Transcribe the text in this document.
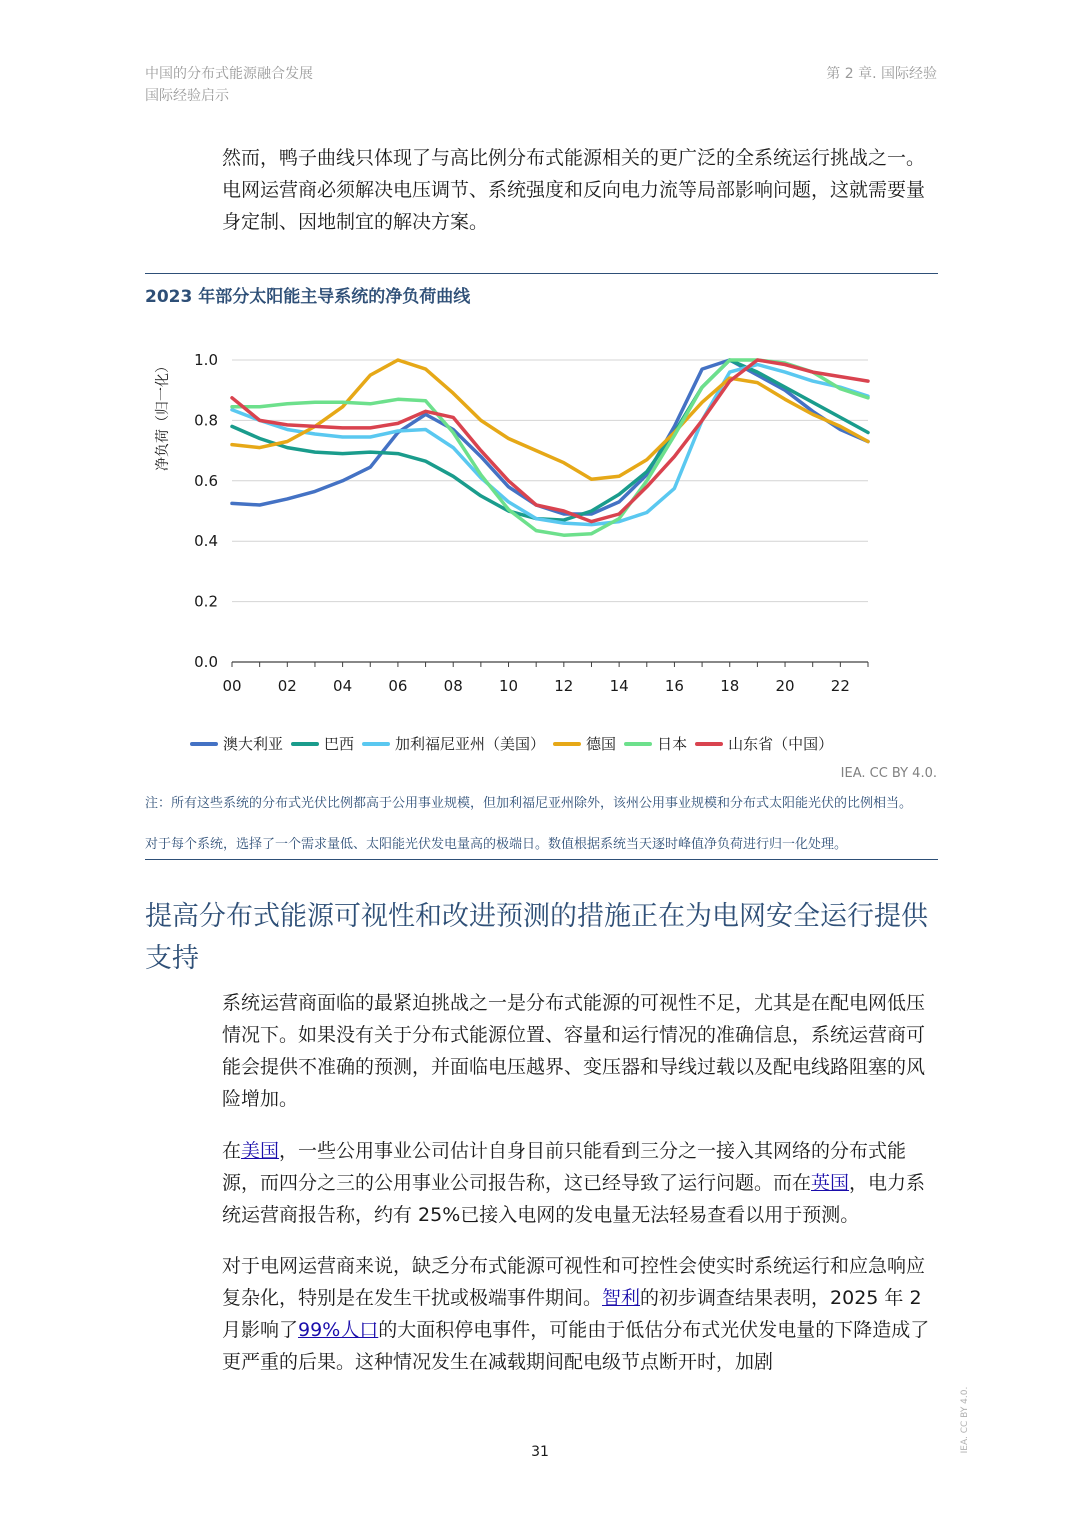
中国的分布式能源融合发展
国际经验启示
第 2 章. 国际经验

然而，鸭子曲线只体现了与高比例分布式能源相关的更广泛的全系统运行挑战之一。电网运营商必须解决电压调节、系统强度和反向电力流等局部影响问题，这就需要量身定制、因地制宜的解决方案。

2023 年部分太阳能主导系统的净负荷曲线
净负荷（归一化）
0.0
0.2
0.4
0.6
0.8
1.0
00 02 04 06 08 10 12 14 16 18 20 22
澳大利亚	巴西	加利福尼亚州（美国）	德国	日本	山东省（中国）
IEA. CC BY 4.0.
注：所有这些系统的分布式光伏比例都高于公用事业规模，但加利福尼亚州除外，该州公用事业规模和分布式太阳能光伏的比例相当。
对于每个系统，选择了一个需求量低、太阳能光伏发电量高的极端日。数值根据系统当天逐时峰值净负荷进行归一化处理。
提高分布式能源可视性和改进预测的措施正在为电网安全运行提供支持

系统运营商面临的最紧迫挑战之一是分布式能源的可视性不足，尤其是在配电网低压情况下。如果没有关于分布式能源位置、容量和运行情况的准确信息，系统运营商可能会提供不准确的预测，并面临电压越界、变压器和导线过载以及配电线路阻塞的风险增加。

在美国，一些公用事业公司估计自身目前只能看到三分之一接入其网络的分布式能源，而四分之三的公用事业公司报告称，这已经导致了运行问题。而在英国，电力系统运营商报告称，约有 25%已接入电网的发电量无法轻易查看以用于预测。

对于电网运营商来说，缺乏分布式能源可视性和可控性会使实时系统运行和应急响应复杂化，特别是在发生干扰或极端事件期间。智利的初步调查结果表明，2025 年 2 月影响了99%人口的大面积停电事件，可能由于低估分布式光伏发电量的下降造成了更严重的后果。这种情况发生在减载期间配电级节点断开时，加剧

31	IEA. CC BY 4.0.
